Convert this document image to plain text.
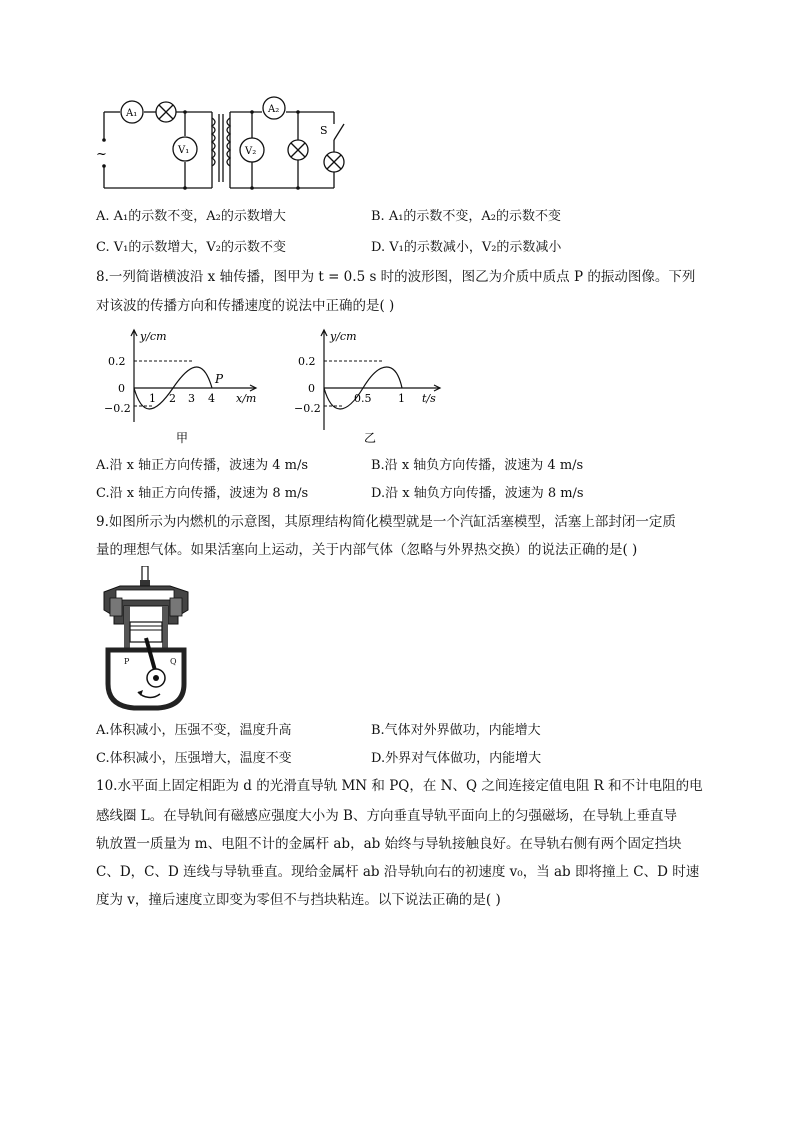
~
A₁
V₁
A₂
V₂
S
A. A₁的示数不变，A₂的示数增大	B. A₁的示数不变，A₂的示数不变
C. V₁的示数增大，V₂的示数不变	D. V₁的示数减小，V₂的示数减小
8.一列简谐横波沿 x 轴传播，图甲为 t = 0.5 s 时的波形图，图乙为介质中质点 P 的振动图像。下列
对该波的传播方向和传播速度的说法中正确的是( )
y/cm
0.2
0
−0.2
1 2 3 4
P
x/m
甲
y/cm
0.2
0
−0.2
0.5 1 t/s
乙
A.沿 x 轴正方向传播，波速为 4 m/s	B.沿 x 轴负方向传播，波速为 4 m/s
C.沿 x 轴正方向传播，波速为 8 m/s	D.沿 x 轴负方向传播，波速为 8 m/s
9.如图所示为内燃机的示意图，其原理结构简化模型就是一个汽缸活塞模型，活塞上部封闭一定质
量的理想气体。如果活塞向上运动，关于内部气体（忽略与外界热交换）的说法正确的是( )
P	Q
A.体积减小，压强不变，温度升高	B.气体对外界做功，内能增大
C.体积减小，压强增大，温度不变	D.外界对气体做功，内能增大
10.水平面上固定相距为 d 的光滑直导轨 MN 和 PQ，在 N、Q 之间连接定值电阻 R 和不计电阻的电
感线圈 L。在导轨间有磁感应强度大小为 B、方向垂直导轨平面向上的匀强磁场，在导轨上垂直导
轨放置一质量为 m、电阻不计的金属杆 ab，ab 始终与导轨接触良好。在导轨右侧有两个固定挡块
C、D，C、D 连线与导轨垂直。现给金属杆 ab 沿导轨向右的初速度 v₀，当 ab 即将撞上 C、D 时速
度为 v，撞后速度立即变为零但不与挡块粘连。以下说法正确的是( )
